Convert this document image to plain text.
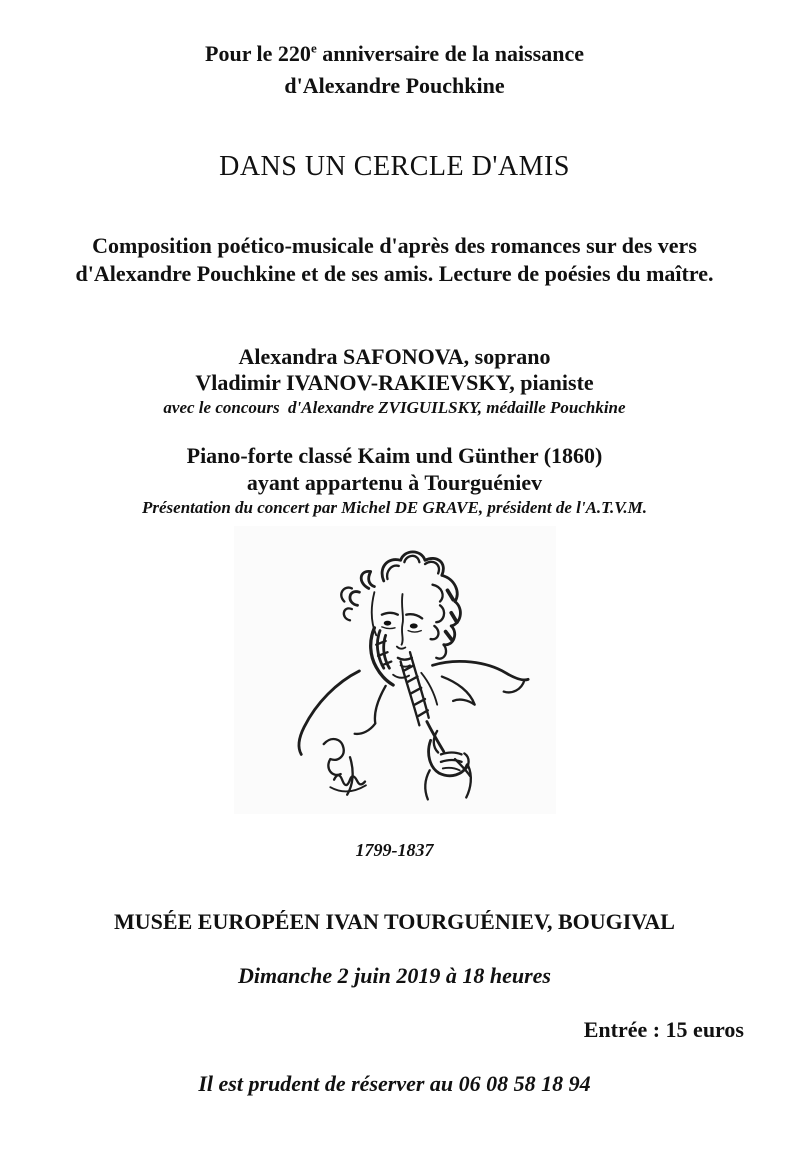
Pour le 220e anniversaire de la naissance
d'Alexandre Pouchkine
DANS UN CERCLE D'AMIS
Composition poético-musicale d'après des romances sur des vers
d'Alexandre Pouchkine et de ses amis. Lecture de poésies du maître.
Alexandra SAFONOVA, soprano
Vladimir IVANOV-RAKIEVSKY, pianiste
avec le concours  d'Alexandre ZVIGUILSKY, médaille Pouchkine
Piano-forte classé Kaim und Günther (1860)
ayant appartenu à Tourguéniev
Présentation du concert par Michel DE GRAVE, président de l'A.T.V.M.
1799-1837
MUSÉE EUROPÉEN IVAN TOURGUÉNIEV, BOUGIVAL
Dimanche 2 juin 2019 à 18 heures
Entrée : 15 euros
Il est prudent de réserver au 06 08 58 18 94
